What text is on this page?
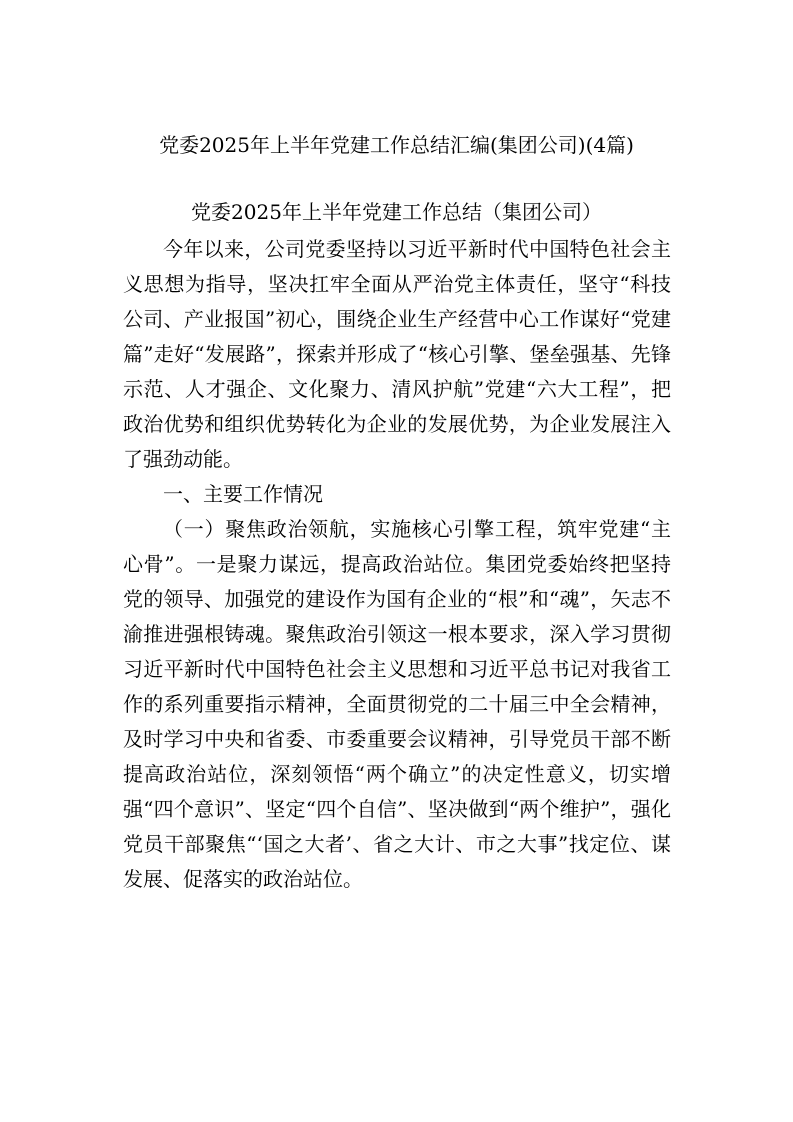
党委2025年上半年党建工作总结汇编(集团公司)(4篇)
党委2025年上半年党建工作总结（集团公司）

今年以来，公司党委坚持以习近平新时代中国特色社会主义思想为指导，坚决扛牢全面从严治党主体责任，坚守“科技公司、产业报国”初心，围绕企业生产经营中心工作谋好“党建篇”走好“发展路”，探索并形成了“核心引擎、堡垒强基、先锋示范、人才强企、文化聚力、清风护航”党建“六大工程”，把政治优势和组织优势转化为企业的发展优势，为企业发展注入了强劲动能。

一、主要工作情况

（一）聚焦政治领航，实施核心引擎工程，筑牢党建“主心骨”。一是聚力谋远，提高政治站位。集团党委始终把坚持党的领导、加强党的建设作为国有企业的“根”和“魂”，矢志不渝推进强根铸魂。聚焦政治引领这一根本要求，深入学习贯彻习近平新时代中国特色社会主义思想和习近平总书记对我省工作的系列重要指示精神，全面贯彻党的二十届三中全会精神，及时学习中央和省委、市委重要会议精神，引导党员干部不断提高政治站位，深刻领悟“两个确立”的决定性意义，切实增强“四个意识”、坚定“四个自信”、坚决做到“两个维护”，强化党员干部聚焦“‘国之大者’、省之大计、市之大事”找定位、谋发展、促落实的政治站位。
